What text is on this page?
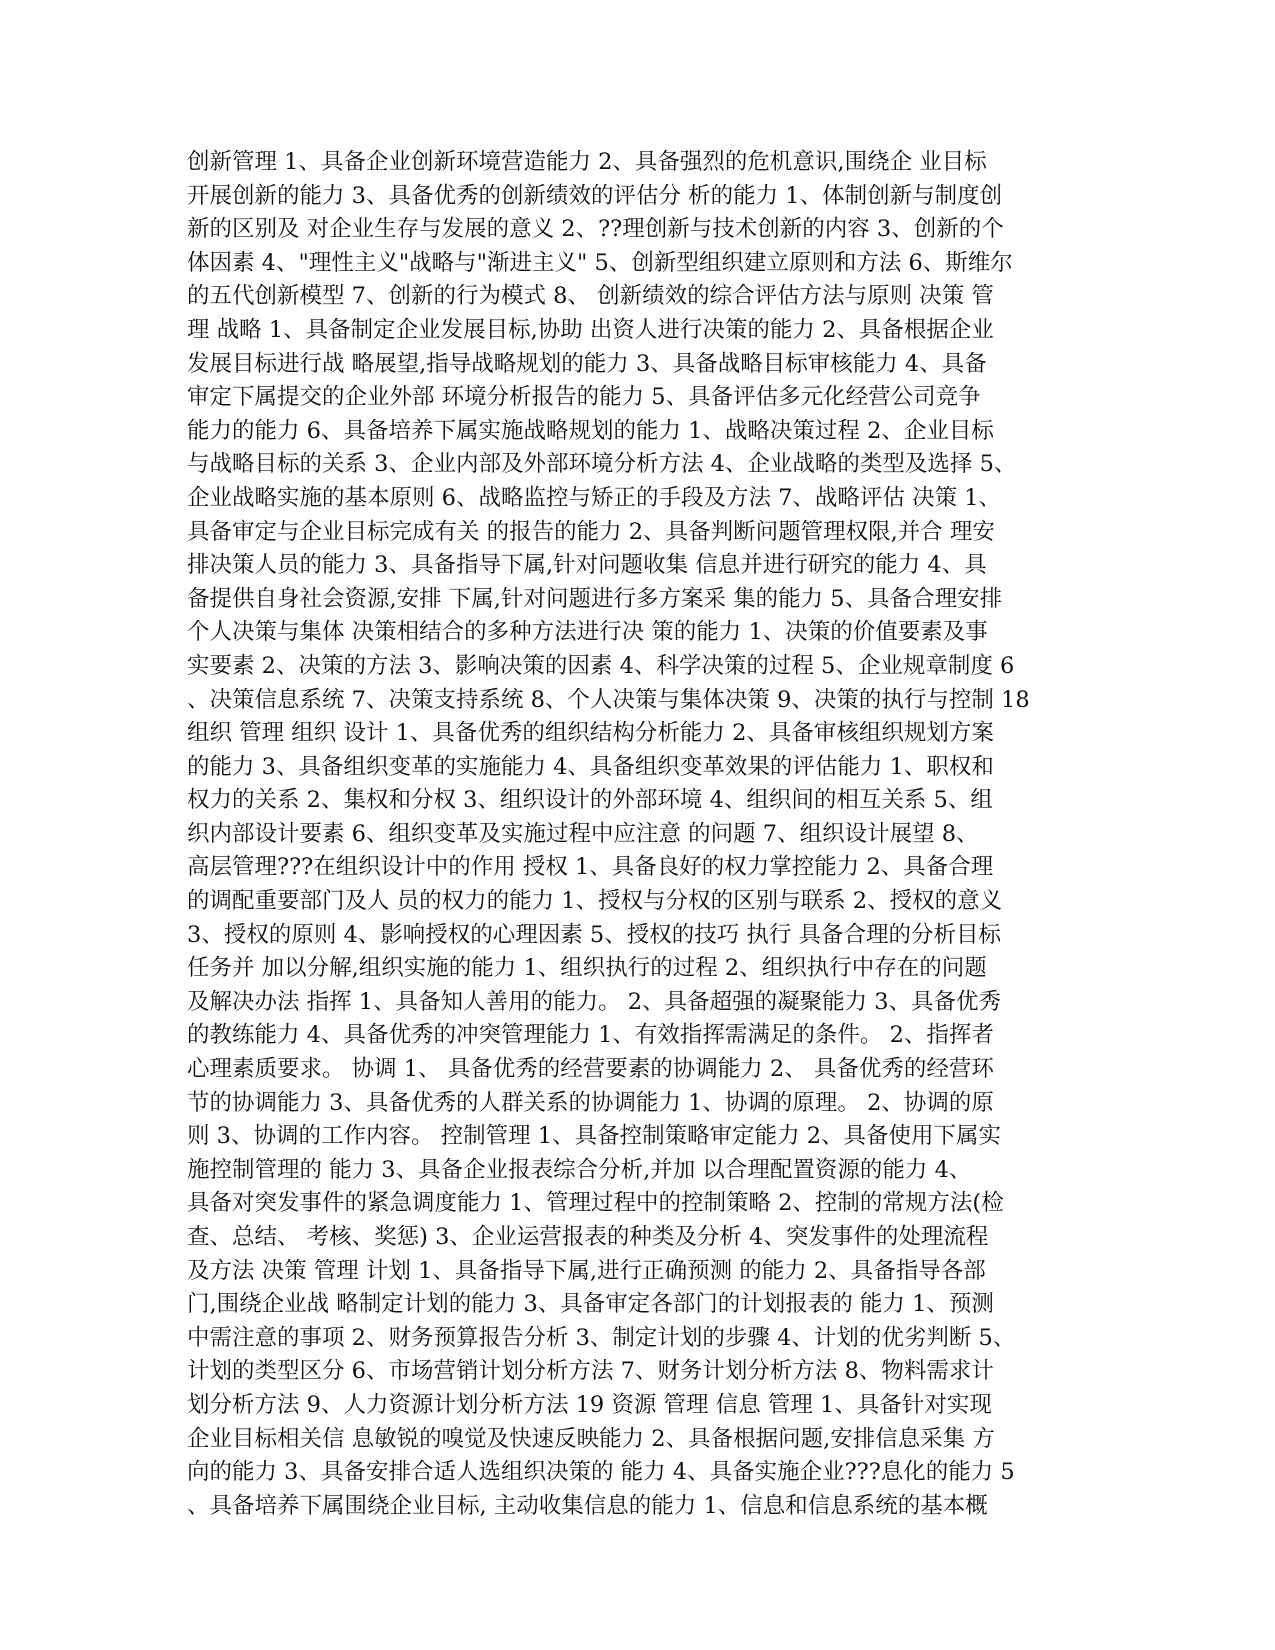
创新管理 1、具备企业创新环境营造能力 2、具备强烈的危机意识,围绕企 业目标
开展创新的能力 3、具备优秀的创新绩效的评估分 析的能力 1、体制创新与制度创
新的区别及 对企业生存与发展的意义 2、??理创新与技术创新的内容 3、创新的个
体因素 4、"理性主义"战略与"渐进主义" 5、创新型组织建立原则和方法 6、斯维尔
的五代创新模型 7、创新的行为模式 8、 创新绩效的综合评估方法与原则 决策 管
理 战略 1、具备制定企业发展目标,协助 出资人进行决策的能力 2、具备根据企业
发展目标进行战 略展望,指导战略规划的能力 3、具备战略目标审核能力 4、具备
审定下属提交的企业外部 环境分析报告的能力 5、具备评估多元化经营公司竞争
能力的能力 6、具备培养下属实施战略规划的能力 1、战略决策过程 2、企业目标
与战略目标的关系 3、企业内部及外部环境分析方法 4、企业战略的类型及选择 5、
企业战略实施的基本原则 6、战略监控与矫正的手段及方法 7、战略评估 决策 1、
具备审定与企业目标完成有关 的报告的能力 2、具备判断问题管理权限,并合 理安
排决策人员的能力 3、具备指导下属,针对问题收集 信息并进行研究的能力 4、具
备提供自身社会资源,安排 下属,针对问题进行多方案采 集的能力 5、具备合理安排
个人决策与集体 决策相结合的多种方法进行决 策的能力 1、决策的价值要素及事
实要素 2、决策的方法 3、影响决策的因素 4、科学决策的过程 5、企业规章制度 6
、决策信息系统 7、决策支持系统 8、个人决策与集体决策 9、决策的执行与控制 18
组织 管理 组织 设计 1、具备优秀的组织结构分析能力 2、具备审核组织规划方案
的能力 3、具备组织变革的实施能力 4、具备组织变革效果的评估能力 1、职权和
权力的关系 2、集权和分权 3、组织设计的外部环境 4、组织间的相互关系 5、组
织内部设计要素 6、组织变革及实施过程中应注意 的问题 7、组织设计展望 8、
高层管理???在组织设计中的作用 授权 1、具备良好的权力掌控能力 2、具备合理
的调配重要部门及人 员的权力的能力 1、授权与分权的区别与联系 2、授权的意义
3、授权的原则 4、影响授权的心理因素 5、授权的技巧 执行 具备合理的分析目标
任务并 加以分解,组织实施的能力 1、组织执行的过程 2、组织执行中存在的问题
及解决办法 指挥 1、具备知人善用的能力。 2、具备超强的凝聚能力 3、具备优秀
的教练能力 4、具备优秀的冲突管理能力 1、有效指挥需满足的条件。 2、指挥者
心理素质要求。 协调 1、 具备优秀的经营要素的协调能力 2、 具备优秀的经营环
节的协调能力 3、具备优秀的人群关系的协调能力 1、协调的原理。 2、协调的原
则 3、协调的工作内容。 控制管理 1、具备控制策略审定能力 2、具备使用下属实
施控制管理的 能力 3、具备企业报表综合分析,并加 以合理配置资源的能力 4、
具备对突发事件的紧急调度能力 1、管理过程中的控制策略 2、控制的常规方法(检
查、总结、 考核、奖惩) 3、企业运营报表的种类及分析 4、突发事件的处理流程
及方法 决策 管理 计划 1、具备指导下属,进行正确预测 的能力 2、具备指导各部
门,围绕企业战 略制定计划的能力 3、具备审定各部门的计划报表的 能力 1、预测
中需注意的事项 2、财务预算报告分析 3、制定计划的步骤 4、计划的优劣判断 5、
计划的类型区分 6、市场营销计划分析方法 7、财务计划分析方法 8、物料需求计
划分析方法 9、人力资源计划分析方法 19 资源 管理 信息 管理 1、具备针对实现
企业目标相关信 息敏锐的嗅觉及快速反映能力 2、具备根据问题,安排信息采集 方
向的能力 3、具备安排合适人选组织决策的 能力 4、具备实施企业???息化的能力 5
、具备培养下属围绕企业目标, 主动收集信息的能力 1、信息和信息系统的基本概
